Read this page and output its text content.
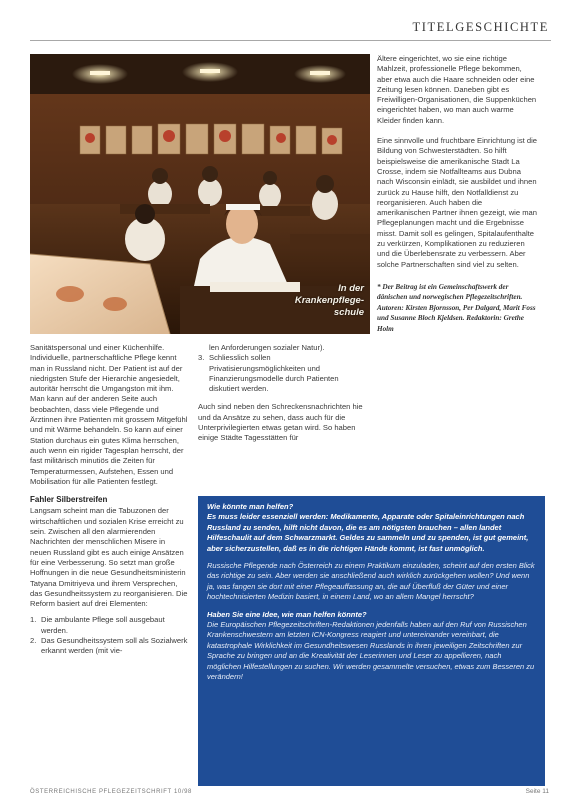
TITELGESCHICHTE
In der
Krankenpflege-
schule

Ältere eingerichtet, wo sie eine richtige Mahlzeit, professionelle Pflege bekommen, aber etwa auch die Haare schneiden oder eine Zeitung lesen können. Daneben gibt es Freiwilligen-Organisationen, die Suppenküchen eingerichtet haben, wo man auch warme Kleider finden kann.

Eine sinnvolle und fruchtbare Einrichtung ist die Bildung von Schwesterstädten. So hilft beispielsweise die amerikanische Stadt La Crosse, indem sie Notfallteams aus Dubna nach Wisconsin einlädt, sie ausbildet und ihnen zurück zu Hause hilft, den Notfalldienst zu reorganisieren. Auch haben die amerikanischen Partner ihnen gezeigt, wie man Pflegeplanungen macht und die Ergebnisse misst. Damit soll es gelingen, Spitalaufenthalte zu verkürzen, Komplikationen zu reduzieren und die Überlebensrate zu verbessern. Aber solche Partnerschaften sind viel zu selten.

* Der Beitrag ist ein Gemeinschaftswerk der dänischen und norwegischen Pflegezeitschriften. Autoren: Kirsten Bjornsson, Per Dalgard, Marit Foss und Susanne Bloch Kjeldsen. Redaktorin: Grethe Holm

Sanitätspersonal und einer Küchenhilfe. Individuelle, partnerschaftliche Pflege kennt man in Russland nicht. Der Patient ist auf der niedrigsten Stufe der Hierarchie angesiedelt, autoritär herrscht die Umgangston mit ihm. Man kann auf der anderen Seite auch beobachten, dass viele Pflegende und Ärztinnen ihre Patienten mit grossem Mitgefühl und mit Wärme behandeln. So kann auf einer Station durchaus ein gutes Klima herrschen, auch wenn ein rigider Tagesplan herrscht, der fast militärisch minutiös die Zeiten für Temperaturmessen, Aufstehen, Essen und Mobilisation für alle Patienten festlegt.

Fahler Silberstreifen

Langsam scheint man die Tabuzonen der wirtschaftlichen und sozialen Krise erreicht zu sein. Zwischen all den alarmierenden Nachrichten der menschlichen Misere in neuen Russland gibt es auch einige Ansätzen für eine Verbesserung. So setzt man große Hoffnungen in die neue Gesundheitsministerin Tatyana Dmitriyeva und ihrem Versprechen, das Gesundheitssystem zu reorganisieren. Die Reform basiert auf drei Elementen:

1. Die ambulante Pflege soll ausgebaut werden.
2. Das Gesundheitssystem soll als Sozialwerk erkannt werden (mit vie-
len Anforderungen sozialer Natur).
3. Schliesslich sollen Privatisierungsmöglichkeiten und Finanzierungsmodelle durch Patienten diskutiert werden.

Auch sind neben den Schreckensnachrichten hie und da Ansätze zu sehen, dass auch für die Unterprivilegierten etwas getan wird. So haben einige Städte Tagesstätten für

Wie könnte man helfen?
Es muss leider essenziell werden: Medikamente, Apparate oder Spitaleinrichtungen nach Russland zu senden, hilft nicht davon, die es am nötigsten brauchen – allen landet Hilfeschaulit auf dem Schwarzmarkt. Geldes zu sammeln und zu spenden, ist gut gemeint, aber sicherzustellen, daß es in die richtigen Hände kommt, ist fast unmöglich.

Russische Pflegende nach Österreich zu einem Praktikum einzuladen, scheint auf den ersten Blick das richtige zu sein. Aber werden sie anschließend auch wirklich zurückgehen wollen? Und wenn ja, was fangen sie dort mit einer Pflegeauffassung an, die auf Überfluß der Güter und einer hochtechnisierten Medizin basiert, in einem Land, wo an allem Mangel herrscht?

Haben Sie eine Idee, wie man helfen könnte?
Die Europäischen Pflegezeitschriften-Redaktionen jedenfalls haben auf den Ruf von Russischen Krankenschwestern am letzten ICN-Kongress reagiert und untereinander vereinbart, die katastrophale Wirklichkeit im Gesundheitswesen Russlands in ihren jeweiligen Zeitschriften zur Sprache zu bringen und an die Kreativität der Leserinnen und Leser zu appellieren, nach möglichen Hilfestellungen zu suchen. Wir werden gesammelte versuchen, etwas zum Besseren zu verändern!

ÖSTERREICHISCHE PFLEGEZEITSCHRIFT 10/98	Seite 11
